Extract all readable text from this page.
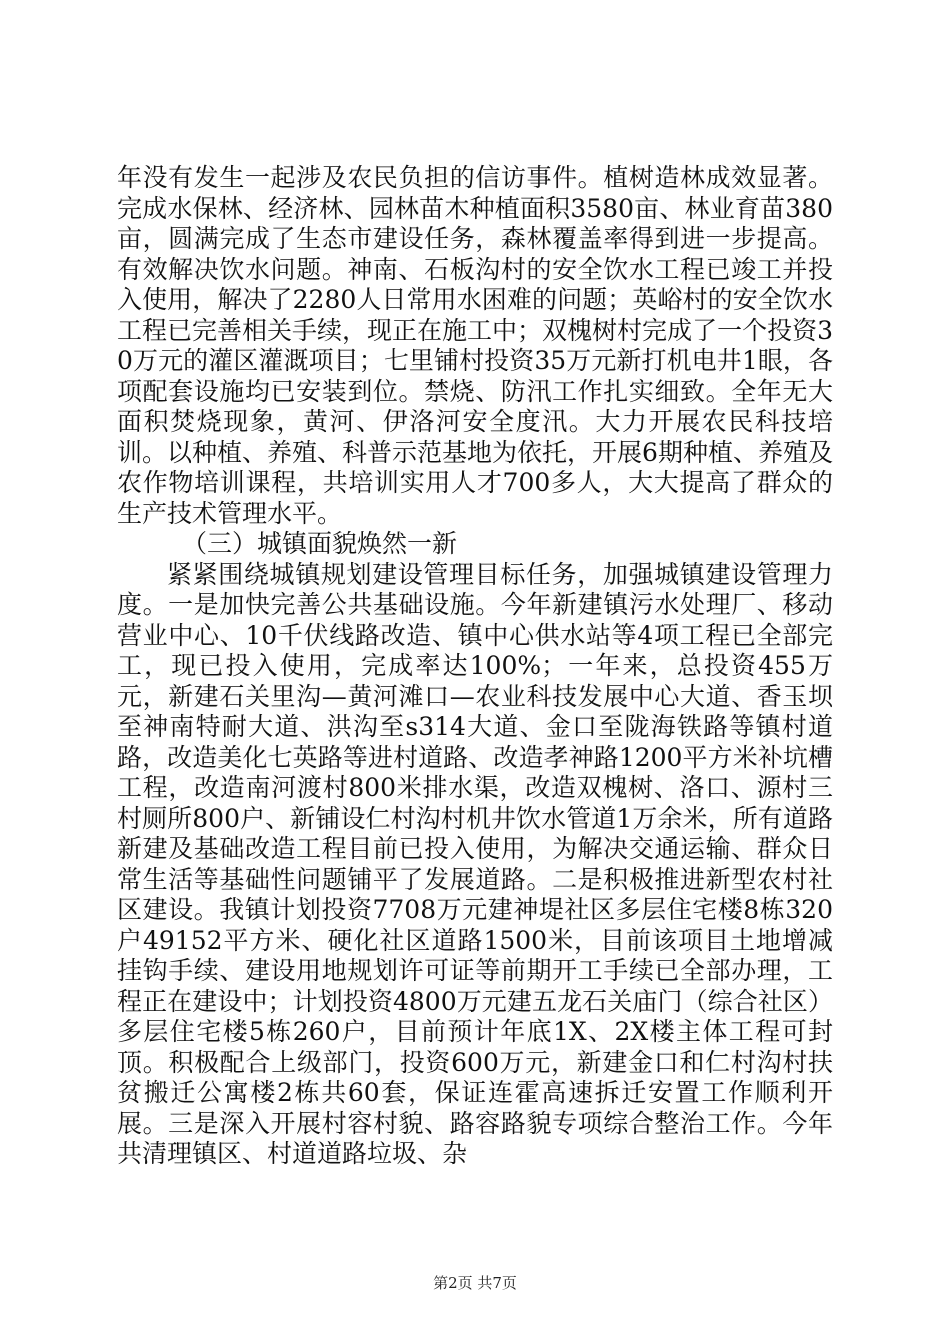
年没有发生一起涉及农民负担的信访事件。植树造林成效显著。完成水保林、经济林、园林苗木种植面积3580亩、林业育苗380亩，圆满完成了生态市建设任务，森林覆盖率得到进一步提高。有效解决饮水问题。神南、石板沟村的安全饮水工程已竣工并投入使用，解决了2280人日常用水困难的问题；英峪村的安全饮水工程已完善相关手续，现正在施工中；双槐树村完成了一个投资30万元的灌区灌溉项目；七里铺村投资35万元新打机电井1眼，各项配套设施均已安装到位。禁烧、防汛工作扎实细致。全年无大面积焚烧现象，黄河、伊洛河安全度汛。大力开展农民科技培训。以种植、养殖、科普示范基地为依托，开展6期种植、养殖及农作物培训课程，共培训实用人才700多人，大大提高了群众的生产技术管理水平。

（三）城镇面貌焕然一新

紧紧围绕城镇规划建设管理目标任务，加强城镇建设管理力度。一是加快完善公共基础设施。今年新建镇污水处理厂、移动营业中心、10千伏线路改造、镇中心供水站等4项工程已全部完工，现已投入使用，完成率达100%；一年来，总投资455万元，新建石关里沟—黄河滩口—农业科技发展中心大道、香玉坝至神南特耐大道、洪沟至s314大道、金口至陇海铁路等镇村道路，改造美化七英路等进村道路、改造孝神路1200平方米补坑槽工程，改造南河渡村800米排水渠，改造双槐树、洛口、源村三村厕所800户、新铺设仁村沟村机井饮水管道1万余米，所有道路新建及基础改造工程目前已投入使用，为解决交通运输、群众日常生活等基础性问题铺平了发展道路。二是积极推进新型农村社区建设。我镇计划投资7708万元建神堤社区多层住宅楼8栋320户49152平方米、硬化社区道路1500米，目前该项目土地增减挂钩手续、建设用地规划许可证等前期开工手续已全部办理，工程正在建设中；计划投资4800万元建五龙石关庙门（综合社区）多层住宅楼5栋260户，目前预计年底1X、2X楼主体工程可封顶。积极配合上级部门，投资600万元，新建金口和仁村沟村扶贫搬迁公寓楼2栋共60套，保证连霍高速拆迁安置工作顺利开展。三是深入开展村容村貌、路容路貌专项综合整治工作。今年共清理镇区、村道道路垃圾、杂

第2页 共7页
